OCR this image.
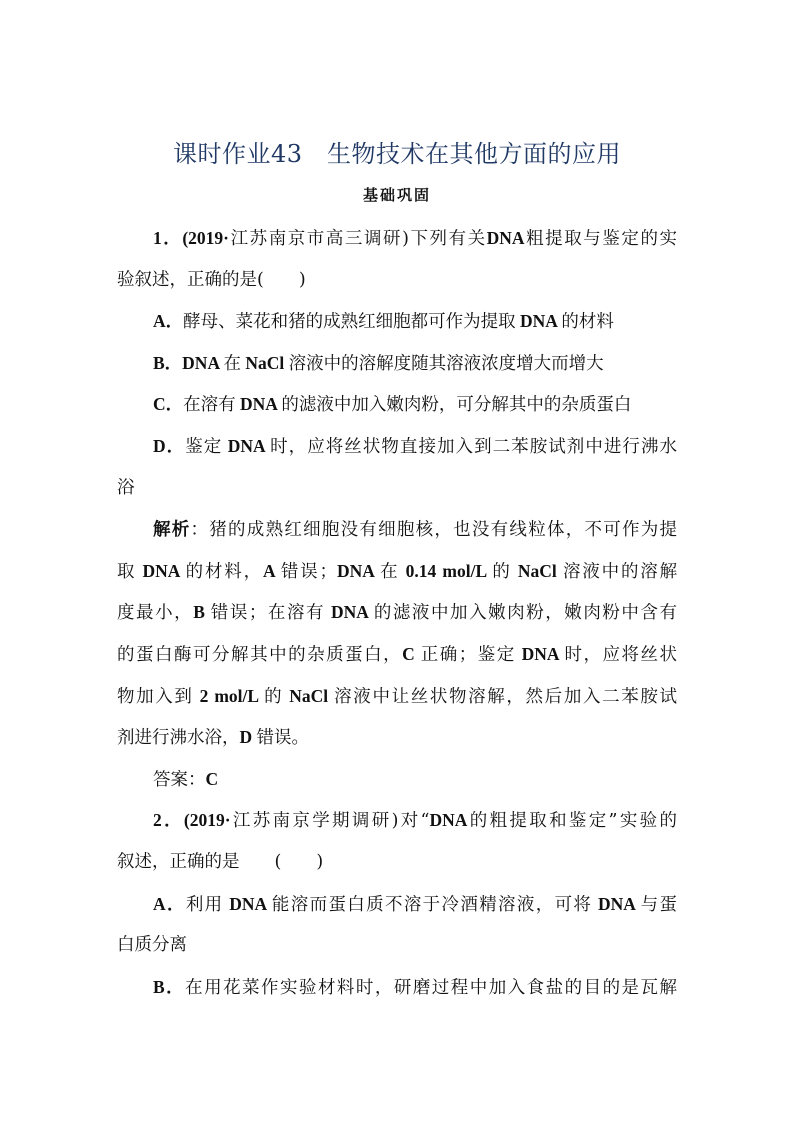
课时作业43　生物技术在其他方面的应用
基础巩固
1．(2019·江苏南京市高三调研)下列有关DNA粗提取与鉴定的实
验叙述，正确的是(　　)
A．酵母、菜花和猪的成熟红细胞都可作为提取 DNA 的材料
B．DNA 在 NaCl 溶液中的溶解度随其溶液浓度增大而增大
C．在溶有 DNA 的滤液中加入嫩肉粉，可分解其中的杂质蛋白
D．鉴定 DNA 时，应将丝状物直接加入到二苯胺试剂中进行沸水
浴
解析：猪的成熟红细胞没有细胞核，也没有线粒体，不可作为提
取 DNA 的材料，A 错误；DNA 在 0.14 mol/L 的 NaCl 溶液中的溶解
度最小，B 错误；在溶有 DNA 的滤液中加入嫩肉粉，嫩肉粉中含有
的蛋白酶可分解其中的杂质蛋白，C 正确；鉴定 DNA 时，应将丝状
物加入到 2 mol/L 的 NaCl 溶液中让丝状物溶解，然后加入二苯胺试
剂进行沸水浴，D 错误。
答案：C
2．(2019·江苏南京学期调研)对“DNA的粗提取和鉴定”实验的
叙述，正确的是　　(　　)
A．利用 DNA 能溶而蛋白质不溶于冷酒精溶液，可将 DNA 与蛋
白质分离
B．在用花菜作实验材料时，研磨过程中加入食盐的目的是瓦解
